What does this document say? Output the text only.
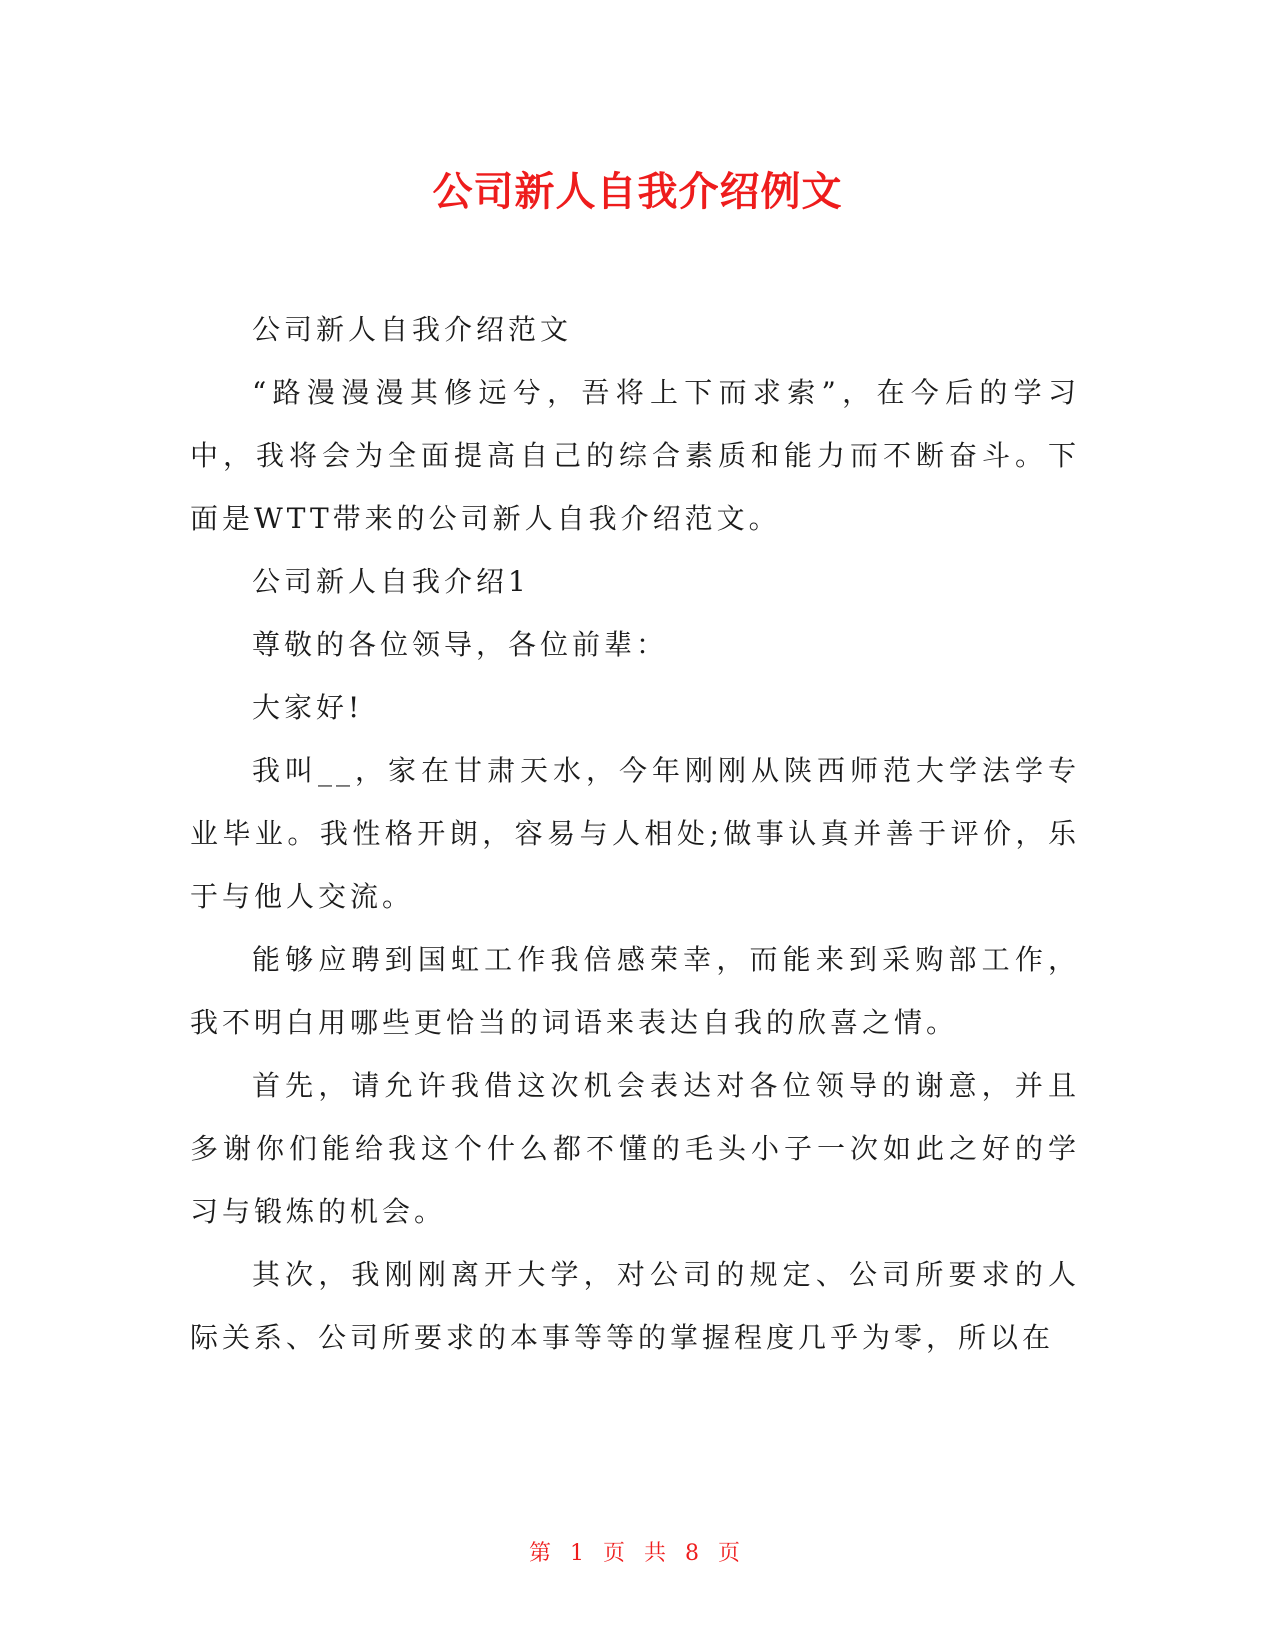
公司新人自我介绍例文

公司新人自我介绍范文

“路漫漫漫其修远兮，吾将上下而求索”，在今后的学习中，我将会为全面提高自己的综合素质和能力而不断奋斗。下面是WTT带来的公司新人自我介绍范文。

公司新人自我介绍1

尊敬的各位领导，各位前辈：

大家好!

我叫__，家在甘肃天水，今年刚刚从陕西师范大学法学专业毕业。我性格开朗，容易与人相处;做事认真并善于评价，乐于与他人交流。

能够应聘到国虹工作我倍感荣幸，而能来到采购部工作，我不明白用哪些更恰当的词语来表达自我的欣喜之情。

首先，请允许我借这次机会表达对各位领导的谢意，并且多谢你们能给我这个什么都不懂的毛头小子一次如此之好的学习与锻炼的机会。

其次，我刚刚离开大学，对公司的规定、公司所要求的人际关系、公司所要求的本事等等的掌握程度几乎为零，所以在

第 1 页 共 8 页
